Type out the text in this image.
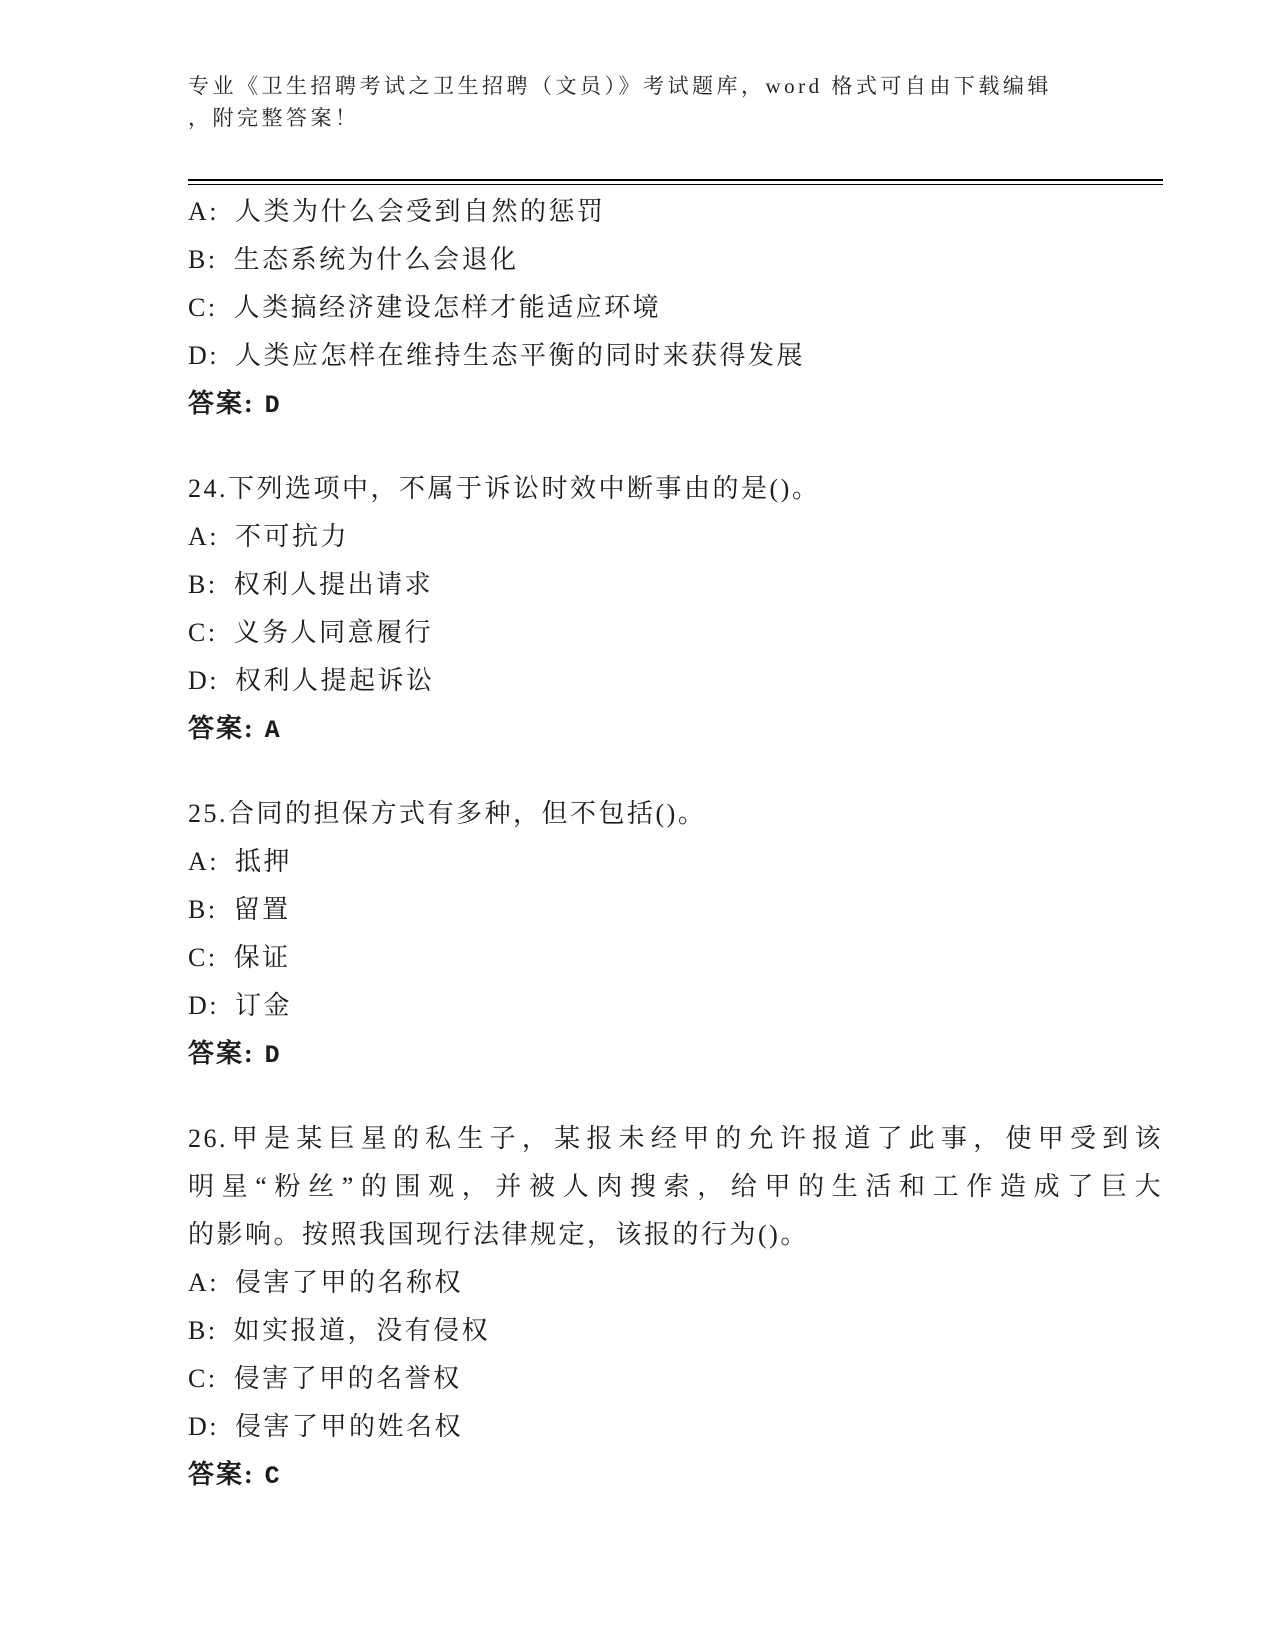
专业《卫生招聘考试之卫生招聘（文员）》考试题库，word 格式可自由下载编辑
，附完整答案！
A: 人类为什么会受到自然的惩罚
B: 生态系统为什么会退化
C: 人类搞经济建设怎样才能适应环境
D: 人类应怎样在维持生态平衡的同时来获得发展
答案: D
24.下列选项中，不属于诉讼时效中断事由的是()。
A: 不可抗力
B: 权利人提出请求
C: 义务人同意履行
D: 权利人提起诉讼
答案: A
25.合同的担保方式有多种，但不包括()。
A: 抵押
B: 留置
C: 保证
D: 订金
答案: D
26.甲是某巨星的私生子，某报未经甲的允许报道了此事，使甲受到该
明星“粉丝”的围观，并被人肉搜索，给甲的生活和工作造成了巨大
的影响。按照我国现行法律规定，该报的行为()。
A: 侵害了甲的名称权
B: 如实报道，没有侵权
C: 侵害了甲的名誉权
D: 侵害了甲的姓名权
答案: C
